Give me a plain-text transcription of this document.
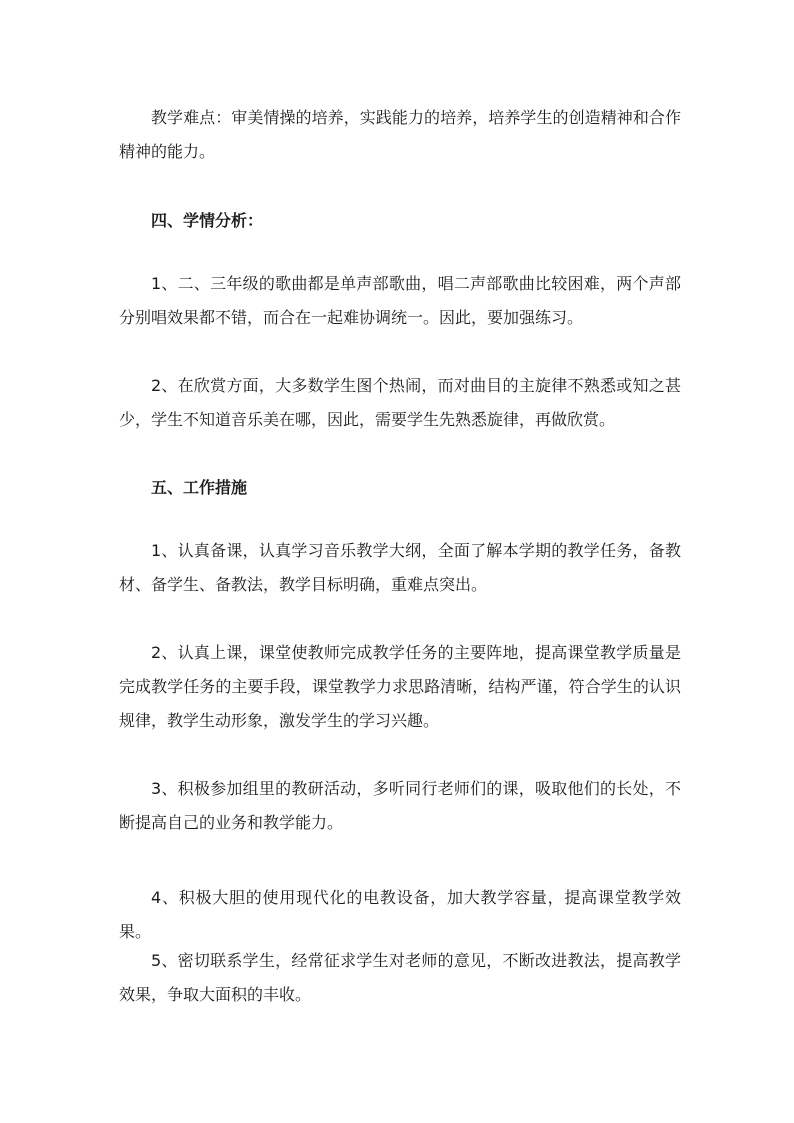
教学难点：审美情操的培养，实践能力的培养，培养学生的创造精神和合作精神的能力。

四、学情分析：

1、二、三年级的歌曲都是单声部歌曲，唱二声部歌曲比较困难，两个声部分别唱效果都不错，而合在一起难协调统一。因此，要加强练习。

2、在欣赏方面，大多数学生图个热闹，而对曲目的主旋律不熟悉或知之甚少，学生不知道音乐美在哪，因此，需要学生先熟悉旋律，再做欣赏。

五、工作措施

1、认真备课，认真学习音乐教学大纲，全面了解本学期的教学任务，备教材、备学生、备教法，教学目标明确，重难点突出。

2、认真上课，课堂使教师完成教学任务的主要阵地，提高课堂教学质量是完成教学任务的主要手段，课堂教学力求思路清晰，结构严谨，符合学生的认识规律，教学生动形象，激发学生的学习兴趣。

3、积极参加组里的教研活动，多听同行老师们的课，吸取他们的长处，不断提高自己的业务和教学能力。

4、积极大胆的使用现代化的电教设备，加大教学容量，提高课堂教学效果。

5、密切联系学生，经常征求学生对老师的意见，不断改进教法，提高教学效果，争取大面积的丰收。
